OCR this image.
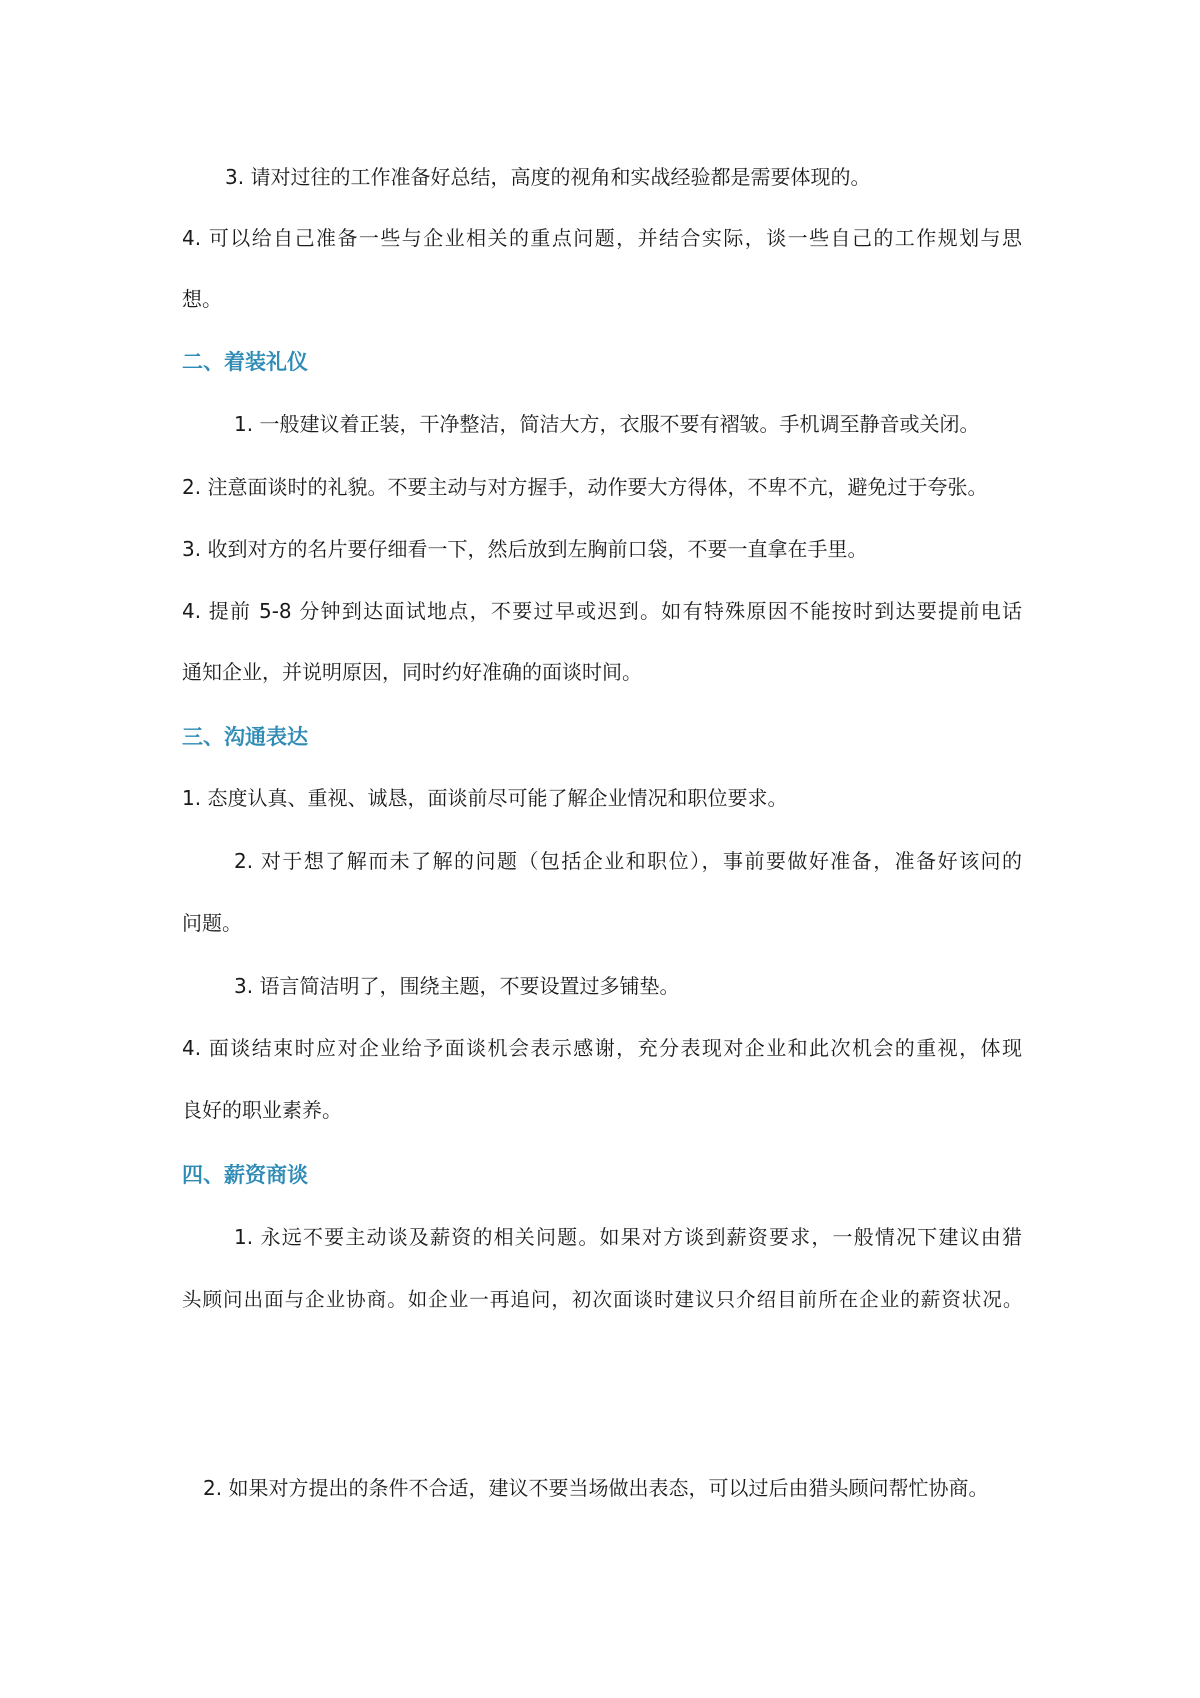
3. 请对过往的工作准备好总结，高度的视角和实战经验都是需要体现的。
4. 可以给自己准备一些与企业相关的重点问题，并结合实际，谈一些自己的工作规划与思
想。
二、着装礼仪
1. 一般建议着正装，干净整洁，简洁大方，衣服不要有褶皱。手机调至静音或关闭。
2. 注意面谈时的礼貌。不要主动与对方握手，动作要大方得体，不卑不亢，避免过于夸张。
3. 收到对方的名片要仔细看一下，然后放到左胸前口袋，不要一直拿在手里。
4. 提前 5-8 分钟到达面试地点，不要过早或迟到。如有特殊原因不能按时到达要提前电话
通知企业，并说明原因，同时约好准确的面谈时间。
三、沟通表达
1. 态度认真、重视、诚恳，面谈前尽可能了解企业情况和职位要求。
2. 对于想了解而未了解的问题（包括企业和职位），事前要做好准备，准备好该问的
问题。
3. 语言简洁明了，围绕主题，不要设置过多铺垫。
4. 面谈结束时应对企业给予面谈机会表示感谢，充分表现对企业和此次机会的重视，体现
良好的职业素养。
四、薪资商谈
1. 永远不要主动谈及薪资的相关问题。如果对方谈到薪资要求，一般情况下建议由猎
头顾问出面与企业协商。如企业一再追问，初次面谈时建议只介绍目前所在企业的薪资状况。
2. 如果对方提出的条件不合适，建议不要当场做出表态，可以过后由猎头顾问帮忙协商。
